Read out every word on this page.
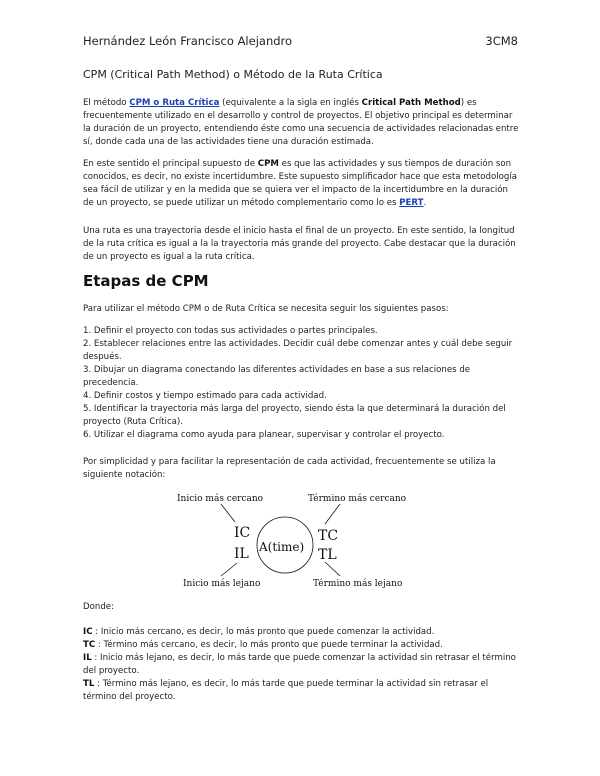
Hernández León Francisco Alejandro	3CM8
CPM (Critical Path Method) o Método de la Ruta Crítica

El método CPM o Ruta Crítica (equivalente a la sigla en inglés Critical Path Method) es frecuentemente utilizado en el desarrollo y control de proyectos. El objetivo principal es determinar la duración de un proyecto, entendiendo éste como una secuencia de actividades relacionadas entre sí, donde cada una de las actividades tiene una duración estimada.

En este sentido el principal supuesto de CPM es que las actividades y sus tiempos de duración son conocidos, es decir, no existe incertidumbre. Este supuesto simplificador hace que esta metodología sea fácil de utilizar y en la medida que se quiera ver el impacto de la incertidumbre en la duración de un proyecto, se puede utilizar un método complementario como lo es PERT.

Una ruta es una trayectoria desde el inicio hasta el final de un proyecto. En este sentido, la longitud de la ruta crítica es igual a la la trayectoria más grande del proyecto. Cabe destacar que la duración de un proyecto es igual a la ruta crítica.

Etapas de CPM

Para utilizar el método CPM o de Ruta Crítica se necesita seguir los siguientes pasos:

1. Definir el proyecto con todas sus actividades o partes principales.
2. Establecer relaciones entre las actividades. Decidir cuál debe comenzar antes y cuál debe seguir después.
3. Dibujar un diagrama conectando las diferentes actividades en base a sus relaciones de precedencia.
4. Definir costos y tiempo estimado para cada actividad.
5. Identificar la trayectoria más larga del proyecto, siendo ésta la que determinará la duración del proyecto (Ruta Crítica).
6. Utilizar el diagrama como ayuda para planear, supervisar y controlar el proyecto.

Por simplicidad y para facilitar la representación de cada actividad, frecuentemente se utiliza la siguiente notación:

Inicio más cercano	Término más cercano
IC
IL
TC
TL
A(time)
Inicio más lejano	Término más lejano

Donde:

IC : Inicio más cercano, es decir, lo más pronto que puede comenzar la actividad.
TC : Término más cercano, es decir, lo más pronto que puede terminar la actividad.
IL : Inicio más lejano, es decir, lo más tarde que puede comenzar la actividad sin retrasar el término del proyecto.
TL : Término más lejano, es decir, lo más tarde que puede terminar la actividad sin retrasar el término del proyecto.
